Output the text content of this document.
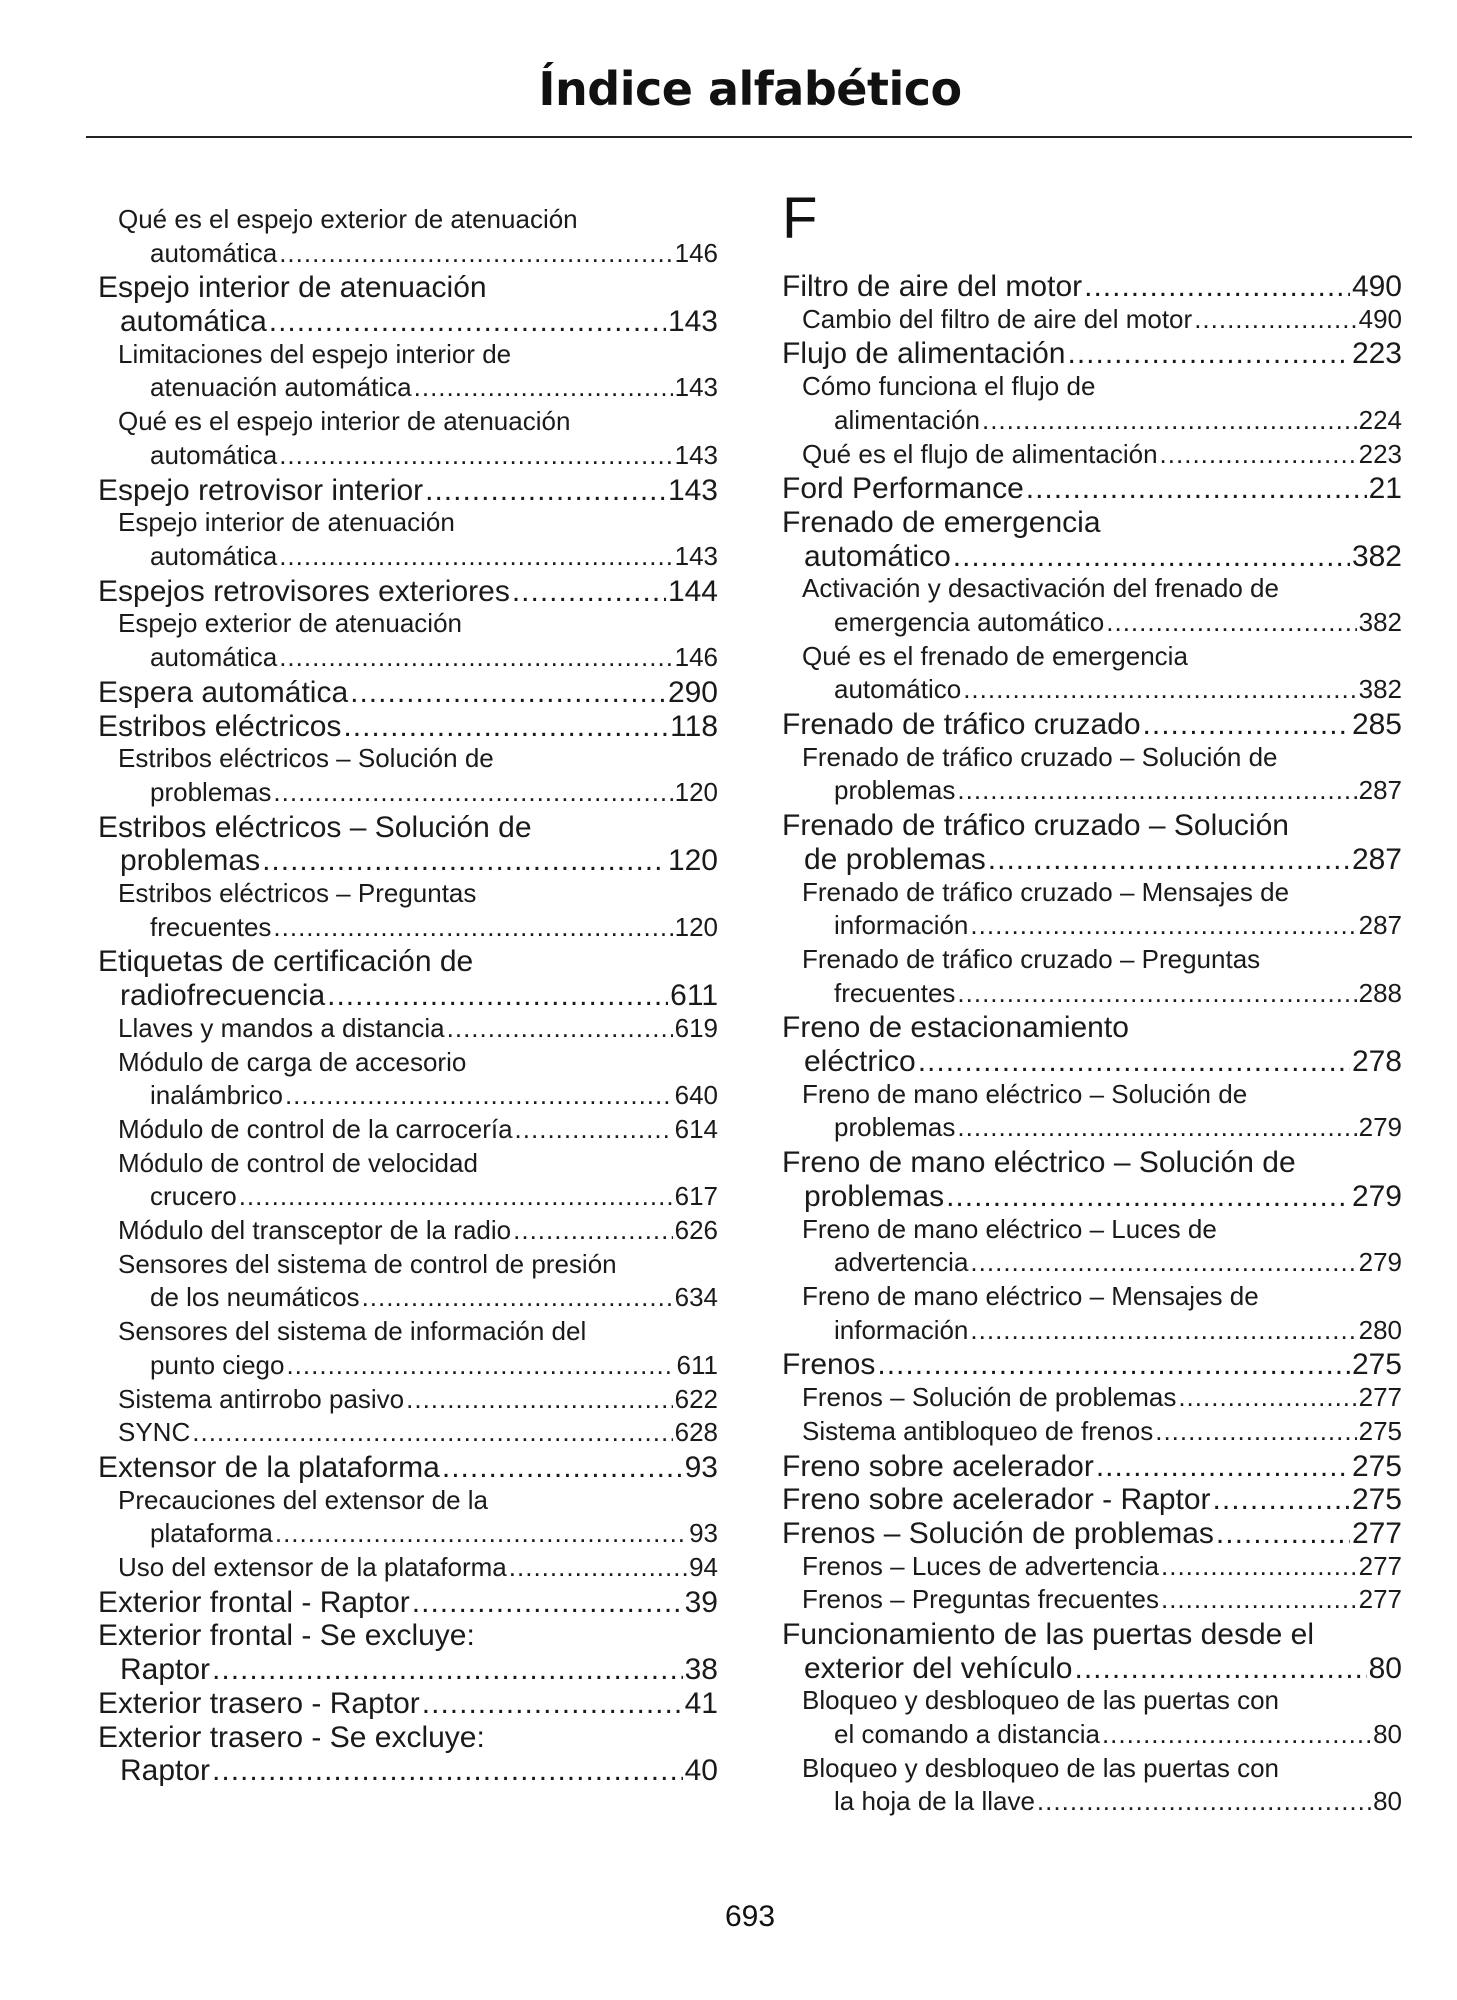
Índice alfabético
Qué es el espejo exterior de atenuación
automática .....	146
Espejo interior de atenuación
automática .....	143
Limitaciones del espejo interior de
atenuación automática .....	143
Qué es el espejo interior de atenuación
automática .....	143
Espejo retrovisor interior .....	143
Espejo interior de atenuación
automática .....	143
Espejos retrovisores exteriores .....	144
Espejo exterior de atenuación
automática .....	146
Espera automática .....	290
Estribos eléctricos .....	118
Estribos eléctricos – Solución de
problemas .....	120
Estribos eléctricos – Solución de
problemas .....	120
Estribos eléctricos – Preguntas
frecuentes .....	120
Etiquetas de certificación de
radiofrecuencia .....	611
Llaves y mandos a distancia .....	619
Módulo de carga de accesorio
inalámbrico .....	640
Módulo de control de la carrocería .....	614
Módulo de control de velocidad
crucero .....	617
Módulo del transceptor de la radio .....	626
Sensores del sistema de control de presión
de los neumáticos .....	634
Sensores del sistema de información del
punto ciego .....	611
Sistema antirrobo pasivo .....	622
SYNC .....	628
Extensor de la plataforma .....	93
Precauciones del extensor de la
plataforma .....	93
Uso del extensor de la plataforma .....	94
Exterior frontal - Raptor .....	39
Exterior frontal - Se excluye:
Raptor .....	38
Exterior trasero - Raptor .....	41
Exterior trasero - Se excluye:
Raptor .....	40
F
Filtro de aire del motor .....	490
Cambio del filtro de aire del motor .....	490
Flujo de alimentación .....	223
Cómo funciona el flujo de
alimentación .....	224
Qué es el flujo de alimentación .....	223
Ford Performance .....	21
Frenado de emergencia
automático .....	382
Activación y desactivación del frenado de
emergencia automático .....	382
Qué es el frenado de emergencia
automático .....	382
Frenado de tráfico cruzado .....	285
Frenado de tráfico cruzado – Solución de
problemas .....	287
Frenado de tráfico cruzado – Solución
de problemas .....	287
Frenado de tráfico cruzado – Mensajes de
información .....	287
Frenado de tráfico cruzado – Preguntas
frecuentes .....	288
Freno de estacionamiento
eléctrico .....	278
Freno de mano eléctrico – Solución de
problemas .....	279
Freno de mano eléctrico – Solución de
problemas .....	279
Freno de mano eléctrico – Luces de
advertencia .....	279
Freno de mano eléctrico – Mensajes de
información .....	280
Frenos .....	275
Frenos – Solución de problemas .....	277
Sistema antibloqueo de frenos .....	275
Freno sobre acelerador .....	275
Freno sobre acelerador - Raptor .....	275
Frenos – Solución de problemas .....	277
Frenos – Luces de advertencia .....	277
Frenos – Preguntas frecuentes .....	277
Funcionamiento de las puertas desde el
exterior del vehículo .....	80
Bloqueo y desbloqueo de las puertas con
el comando a distancia .....	80
Bloqueo y desbloqueo de las puertas con
la hoja de la llave .....	80
693
